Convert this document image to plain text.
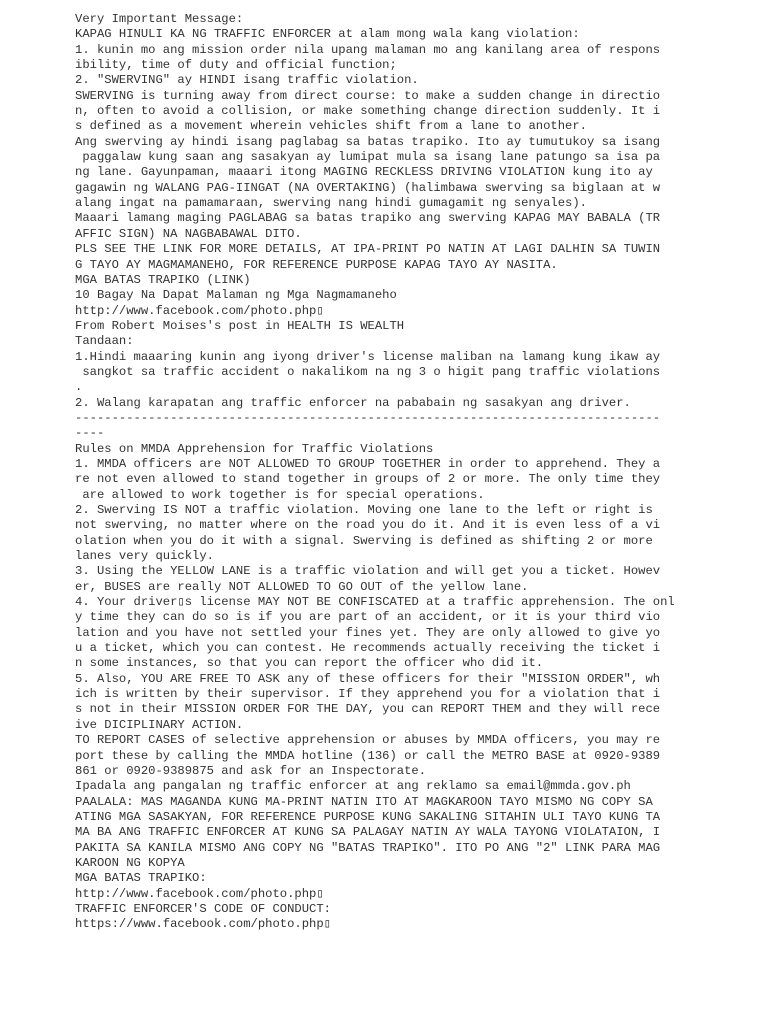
Very Important Message:
KAPAG HINULI KA NG TRAFFIC ENFORCER at alam mong wala kang violation:
1. kunin mo ang mission order nila upang malaman mo ang kanilang area of respons
ibility, time of duty and official function;
2. "SWERVING" ay HINDI isang traffic violation.
SWERVING is turning away from direct course: to make a sudden change in directio
n, often to avoid a collision, or make something change direction suddenly. It i
s defined as a movement wherein vehicles shift from a lane to another.
Ang swerving ay hindi isang paglabag sa batas trapiko. Ito ay tumutukoy sa isang
paggalaw kung saan ang sasakyan ay lumipat mula sa isang lane patungo sa isa pa
ng lane. Gayunpaman, maaari itong MAGING RECKLESS DRIVING VIOLATION kung ito ay
gagawin ng WALANG PAG-IINGAT (NA OVERTAKING) (halimbawa swerving sa biglaan at w
alang ingat na pamamaraan, swerving nang hindi gumagamit ng senyales).
Maaari lamang maging PAGLABAG sa batas trapiko ang swerving KAPAG MAY BABALA (TR
AFFIC SIGN) NA NAGBABAWAL DITO.
PLS SEE THE LINK FOR MORE DETAILS, AT IPA-PRINT PO NATIN AT LAGI DALHIN SA TUWIN
G TAYO AY MAGMAMANEHO, FOR REFERENCE PURPOSE KAPAG TAYO AY NASITA.
MGA BATAS TRAPIKO (LINK)
10 Bagay Na Dapat Malaman ng Mga Nagmamaneho
http://www.facebook.com/photo.php▯
From Robert Moises's post in HEALTH IS WEALTH
Tandaan:
1.Hindi maaaring kunin ang iyong driver's license maliban na lamang kung ikaw ay
sangkot sa traffic accident o nakalikom na ng 3 o higit pang traffic violations
.
2. Walang karapatan ang traffic enforcer na pababain ng sasakyan ang driver.
--------------------------------------------------------------------------------
----
Rules on MMDA Apprehension for Traffic Violations
1. MMDA officers are NOT ALLOWED TO GROUP TOGETHER in order to apprehend. They a
re not even allowed to stand together in groups of 2 or more. The only time they
are allowed to work together is for special operations.
2. Swerving IS NOT a traffic violation. Moving one lane to the left or right is
not swerving, no matter where on the road you do it. And it is even less of a vi
olation when you do it with a signal. Swerving is defined as shifting 2 or more
lanes very quickly.
3. Using the YELLOW LANE is a traffic violation and will get you a ticket. Howev
er, BUSES are really NOT ALLOWED TO GO OUT of the yellow lane.
4. Your driver▯s license MAY NOT BE CONFISCATED at a traffic apprehension. The onl
y time they can do so is if you are part of an accident, or it is your third vio
lation and you have not settled your fines yet. They are only allowed to give yo
u a ticket, which you can contest. He recommends actually receiving the ticket i
n some instances, so that you can report the officer who did it.
5. Also, YOU ARE FREE TO ASK any of these officers for their "MISSION ORDER", wh
ich is written by their supervisor. If they apprehend you for a violation that i
s not in their MISSION ORDER FOR THE DAY, you can REPORT THEM and they will rece
ive DICIPLINARY ACTION.
TO REPORT CASES of selective apprehension or abuses by MMDA officers, you may re
port these by calling the MMDA hotline (136) or call the METRO BASE at 0920-9389
861 or 0920-9389875 and ask for an Inspectorate.
Ipadala ang pangalan ng traffic enforcer at ang reklamo sa email@mmda.gov.ph
PAALALA: MAS MAGANDA KUNG MA-PRINT NATIN ITO AT MAGKAROON TAYO MISMO NG COPY SA
ATING MGA SASAKYAN, FOR REFERENCE PURPOSE KUNG SAKALING SITAHIN ULI TAYO KUNG TA
MA BA ANG TRAFFIC ENFORCER AT KUNG SA PALAGAY NATIN AY WALA TAYONG VIOLATAION, I
PAKITA SA KANILA MISMO ANG COPY NG "BATAS TRAPIKO". ITO PO ANG "2" LINK PARA MAG
KAROON NG KOPYA
MGA BATAS TRAPIKO:
http://www.facebook.com/photo.php▯
TRAFFIC ENFORCER'S CODE OF CONDUCT:
https://www.facebook.com/photo.php▯
